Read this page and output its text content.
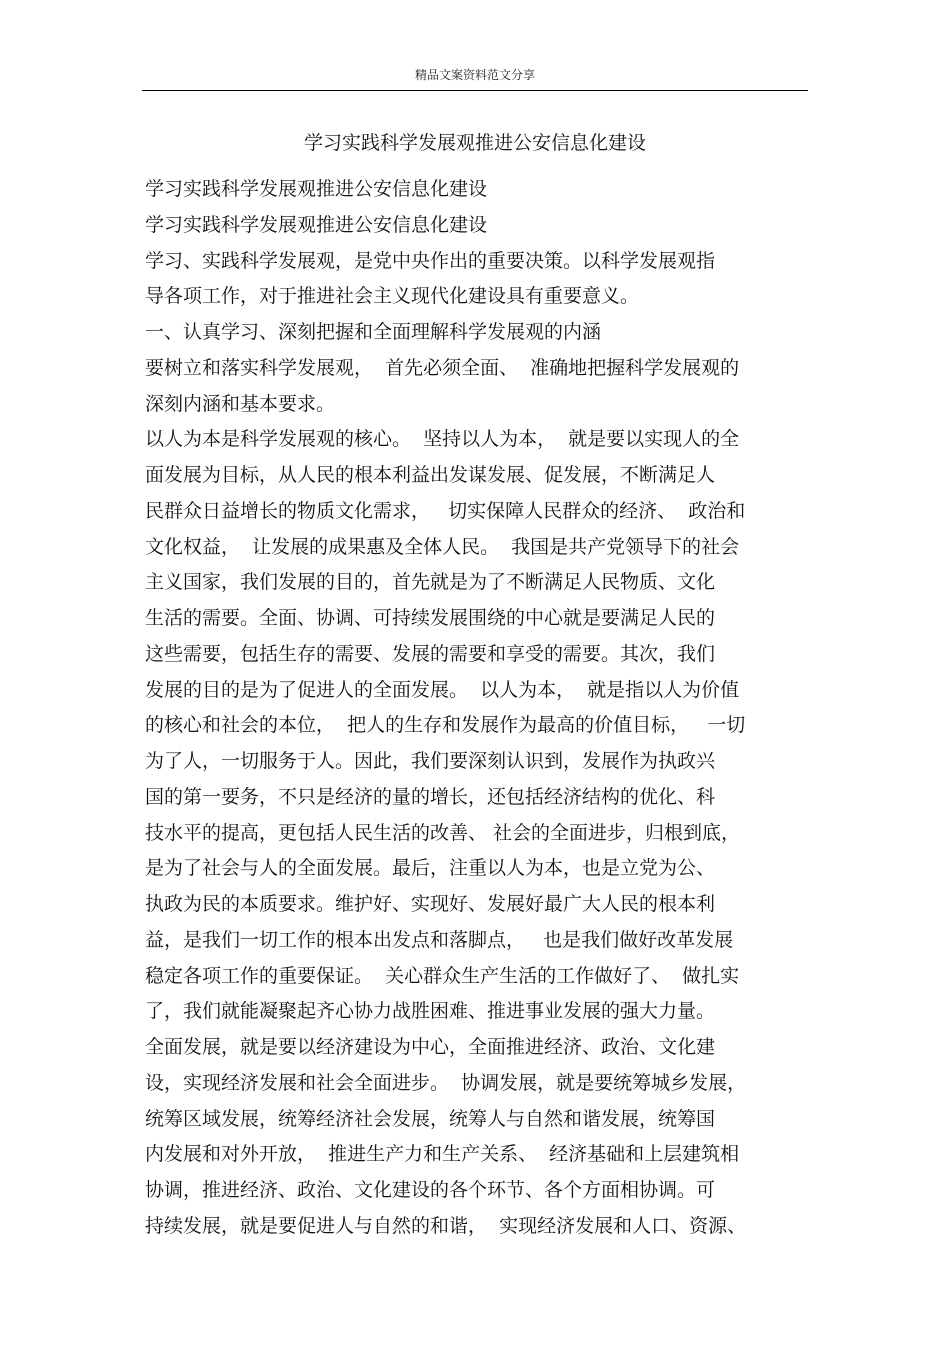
精品文案资料范文分享
学习实践科学发展观推进公安信息化建设
学习实践科学发展观推进公安信息化建设
学习实践科学发展观推进公安信息化建设
学习、实践科学发展观，是党中央作出的重要决策。以科学发展观指
导各项工作，对于推进社会主义现代化建设具有重要意义。
一、认真学习、深刻把握和全面理解科学发展观的内涵
要树立和落实科学发展观，  首先必须全面、  准确地把握科学发展观的
深刻内涵和基本要求。
以人为本是科学发展观的核心。  坚持以人为本，  就是要以实现人的全
面发展为目标，从人民的根本利益出发谋发展、促发展，不断满足人
民群众日益增长的物质文化需求，   切实保障人民群众的经济、  政治和
文化权益，  让发展的成果惠及全体人民。  我国是共产党领导下的社会
主义国家，我们发展的目的，首先就是为了不断满足人民物质、文化
生活的需要。全面、协调、可持续发展围绕的中心就是要满足人民的
这些需要，包括生存的需要、发展的需要和享受的需要。其次，我们
发展的目的是为了促进人的全面发展。  以人为本，  就是指以人为价值
的核心和社会的本位，  把人的生存和发展作为最高的价值目标，   一切
为了人，一切服务于人。因此，我们要深刻认识到，发展作为执政兴
国的第一要务，不只是经济的量的增长，还包括经济结构的优化、科
技水平的提高，更包括人民生活的改善、 社会的全面进步，归根到底，
是为了社会与人的全面发展。最后，注重以人为本，也是立党为公、
执政为民的本质要求。维护好、实现好、发展好最广大人民的根本利
益，是我们一切工作的根本出发点和落脚点，   也是我们做好改革发展
稳定各项工作的重要保证。  关心群众生产生活的工作做好了、  做扎实
了，我们就能凝聚起齐心协力战胜困难、推进事业发展的强大力量。
全面发展，就是要以经济建设为中心，全面推进经济、政治、文化建
设，实现经济发展和社会全面进步。  协调发展，就是要统筹城乡发展，
统筹区域发展，统筹经济社会发展，统筹人与自然和谐发展，统筹国
内发展和对外开放，  推进生产力和生产关系、  经济基础和上层建筑相
协调，推进经济、政治、文化建设的各个环节、各个方面相协调。可
持续发展，就是要促进人与自然的和谐，  实现经济发展和人口、资源、
